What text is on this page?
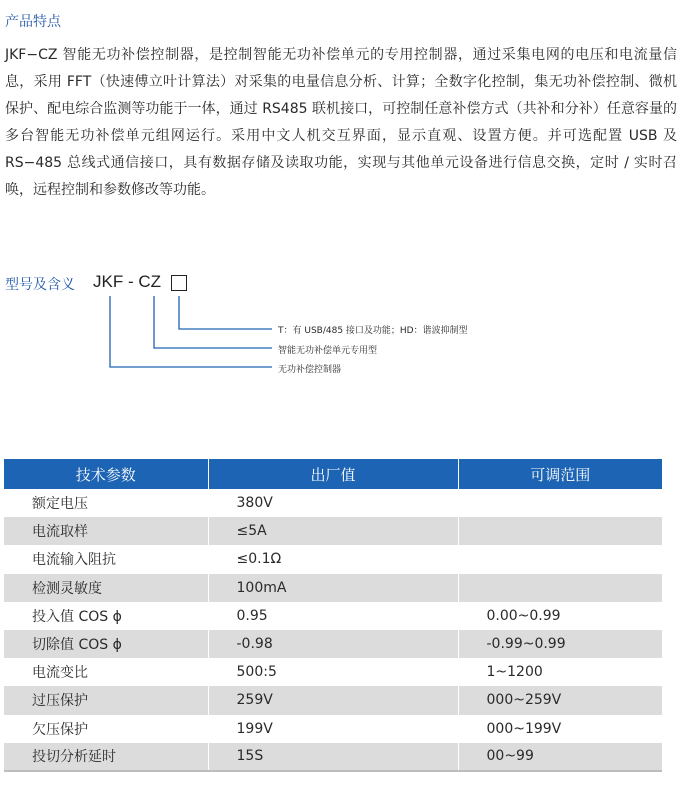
产品特点

JKF−CZ 智能无功补偿控制器，是控制智能无功补偿单元的专用控制器，通过采集电网的电压和电流量信息，采用 FFT（快速傅立叶计算法）对采集的电量信息分析、计算；全数字化控制，集无功补偿控制、微机保护、配电综合监测等功能于一体，通过 RS485 联机接口，可控制任意补偿方式（共补和分补）任意容量的多台智能无功补偿单元组网运行。采用中文人机交互界面，显示直观、设置方便。并可选配置 USB 及 RS−485 总线式通信接口，具有数据存储及读取功能，实现与其他单元设备进行信息交换，定时 / 实时召唤，远程控制和参数修改等功能。

型号及含义 JKF - CZ
T：有 USB/485 接口及功能；HD：谐波抑制型
智能无功补偿单元专用型
无功补偿控制器
技术参数	出厂值	可调范围
额定电压	380V	
电流取样	≤5A	
电流输入阻抗	≤0.1Ω	
检测灵敏度	100mA	
投入值 COS ϕ	0.95	0.00~0.99
切除值 COS ϕ	-0.98	-0.99~0.99
电流变比	500:5	1~1200
过压保护	259V	000~259V
欠压保护	199V	000~199V
投切分析延时	15S	00~99
